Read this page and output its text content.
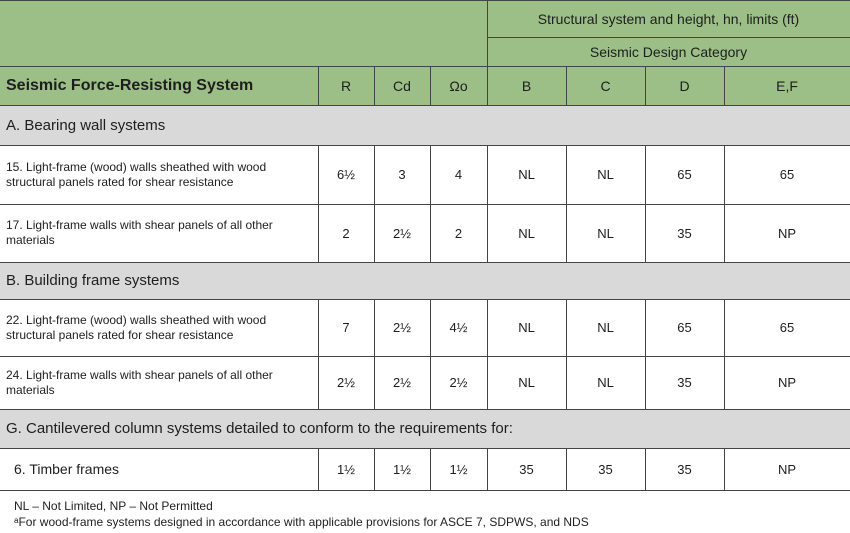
Structural system and height, hn, limits (ft)
Seismic Design Category
Seismic Force-Resisting System	R	Cd	Ωo	B	C	D	E,F
A. Bearing wall systems
15. Light-frame (wood) walls sheathed with wood structural panels rated for shear resistance	6½	3	4	NL	NL	65	65
17. Light-frame walls with shear panels of all other materials	2	2½	2	NL	NL	35	NP
B. Building frame systems
22. Light-frame (wood) walls sheathed with wood structural panels rated for shear resistance	7	2½	4½	NL	NL	65	65
24. Light-frame walls with shear panels of all other materials	2½	2½	2½	NL	NL	35	NP
G. Cantilevered column systems detailed to conform to the requirements for:
6. Timber frames	1½	1½	1½	35	35	35	NP
NL – Not Limited, NP – Not Permitted
ᵃFor wood-frame systems designed in accordance with applicable provisions for ASCE 7, SDPWS, and NDS
